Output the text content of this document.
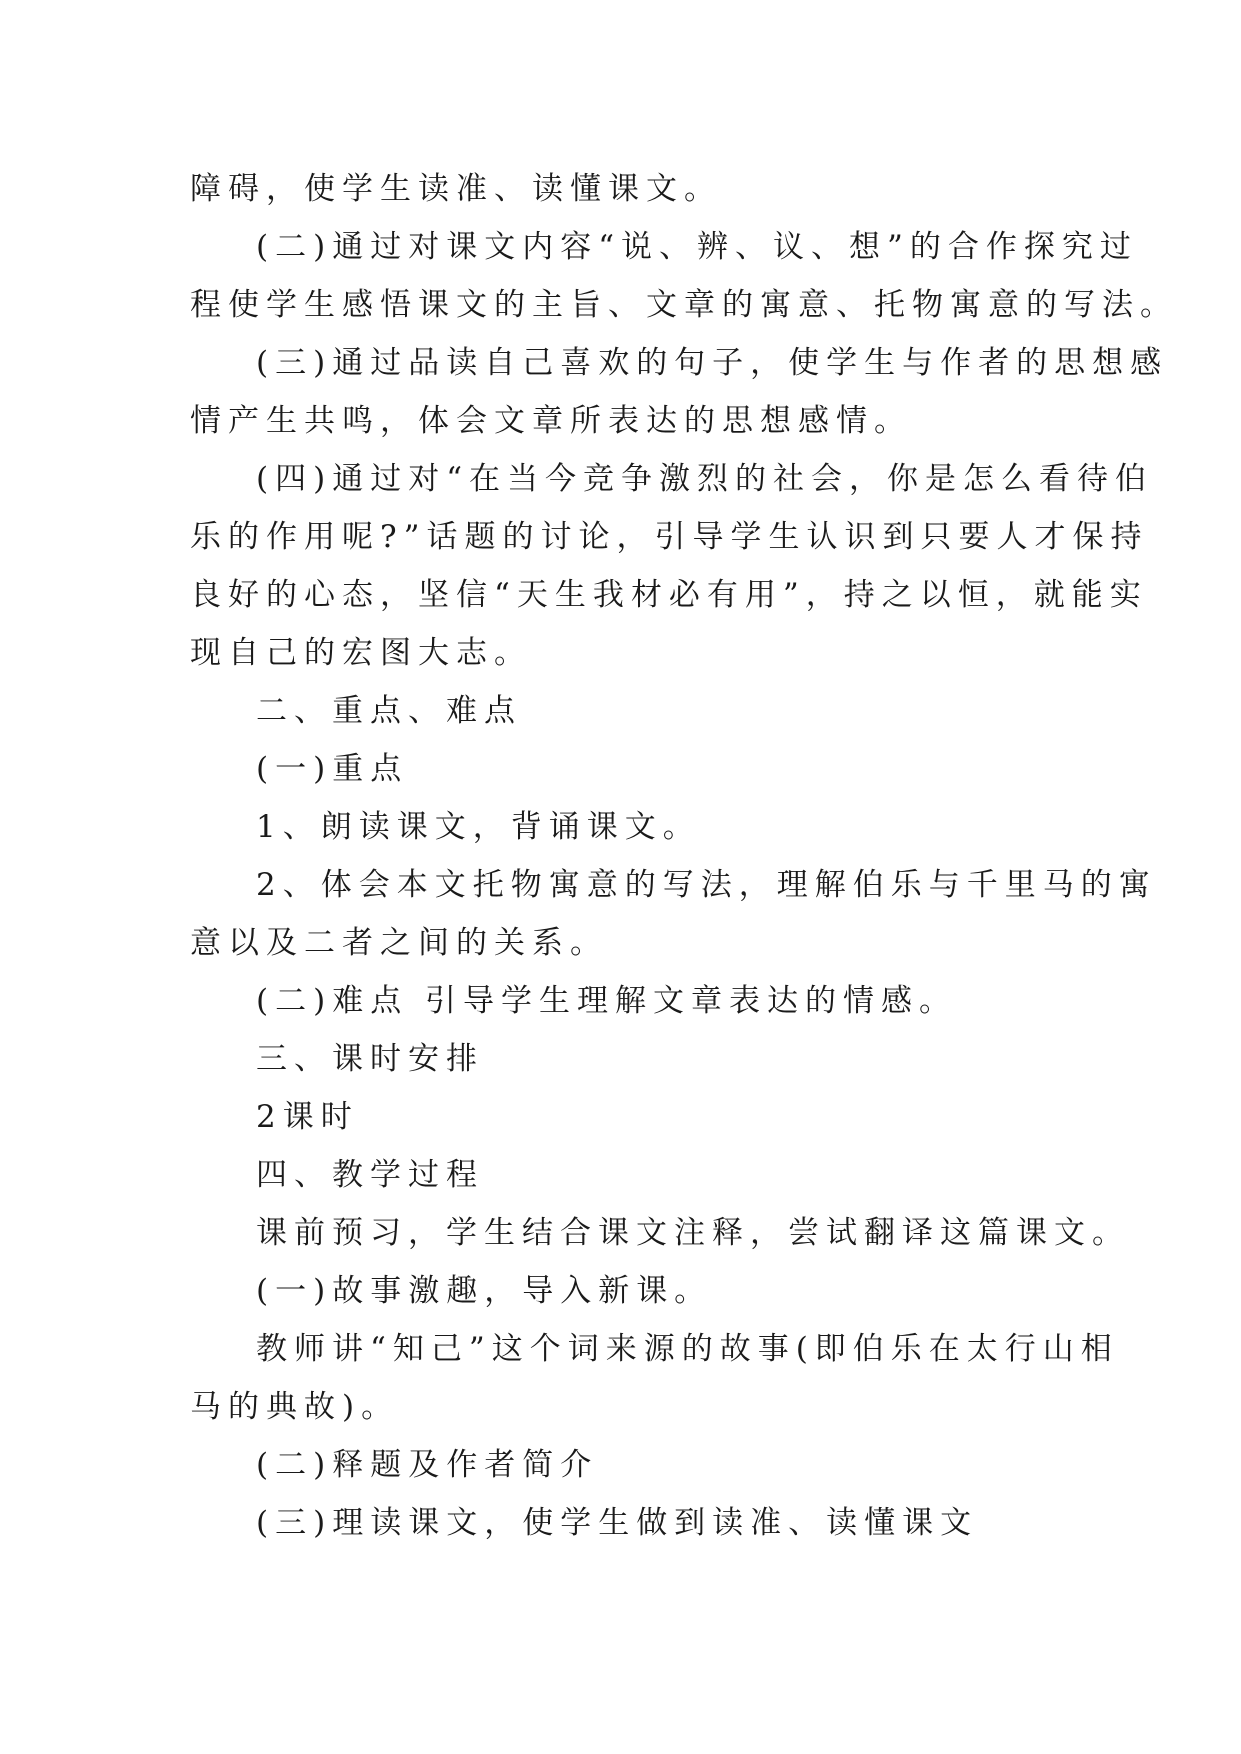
障碍，使学生读准、读懂课文。

(二)通过对课文内容“说、辨、议、想”的合作探究过

程使学生感悟课文的主旨、文章的寓意、托物寓意的写法。

(三)通过品读自己喜欢的句子，使学生与作者的思想感

情产生共鸣，体会文章所表达的思想感情。

(四)通过对“在当今竞争激烈的社会，你是怎么看待伯

乐的作用呢?”话题的讨论，引导学生认识到只要人才保持

良好的心态，坚信“天生我材必有用”，持之以恒，就能实

现自己的宏图大志。

二、重点、难点

(一)重点

1、朗读课文，背诵课文。

2、体会本文托物寓意的写法，理解伯乐与千里马的寓

意以及二者之间的关系。

(二)难点 引导学生理解文章表达的情感。

三、课时安排

2课时

四、教学过程

课前预习，学生结合课文注释，尝试翻译这篇课文。

(一)故事激趣，导入新课。

教师讲“知己”这个词来源的故事(即伯乐在太行山相

马的典故)。

(二)释题及作者简介

(三)理读课文，使学生做到读准、读懂课文
